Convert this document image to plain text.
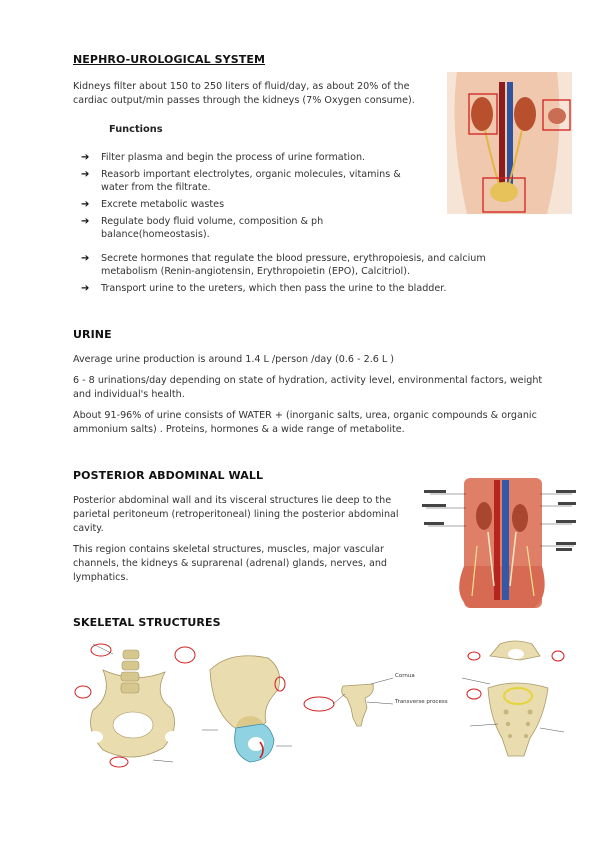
NEPHRO-UROLOGICAL SYSTEM
Kidneys filter about 150 to 250 liters of fluid/day, as about 20% of the cardiac output/min passes through the kidneys (7% Oxygen consume).
Functions
➔ Filter plasma and begin the process of urine formation.
➔ Reasorb important electrolytes, organic molecules, vitamins & water from the filtrate.
➔ Excrete metabolic wastes
➔ Regulate body fluid volume, composition & ph balance(homeostasis).
➔ Secrete hormones that regulate the blood pressure, erythropoiesis, and calcium metabolism (Renin-angiotensin, Erythropoietin (EPO), Calcitriol).
➔ Transport urine to the ureters, which then pass the urine to the bladder.
URINE
Average urine production is around 1.4 L /person /day (0.6 - 2.6 L )
6 - 8 urinations/day depending on state of hydration, activity level, environmental factors, weight and individual's health.
About 91-96% of urine consists of WATER + (inorganic salts, urea, organic compounds & organic ammonium salts) . Proteins, hormones & a wide range of metabolite.
POSTERIOR ABDOMINAL WALL
Posterior abdominal wall and its visceral structures lie deep to the parietal peritoneum (retroperitoneal) lining the posterior abdominal cavity.
This region contains skeletal structures, muscles, major vascular channels, the kidneys & suprarenal (adrenal) glands, nerves, and lymphatics.
SKELETAL STRUCTURES
Cornua
Transverse process
